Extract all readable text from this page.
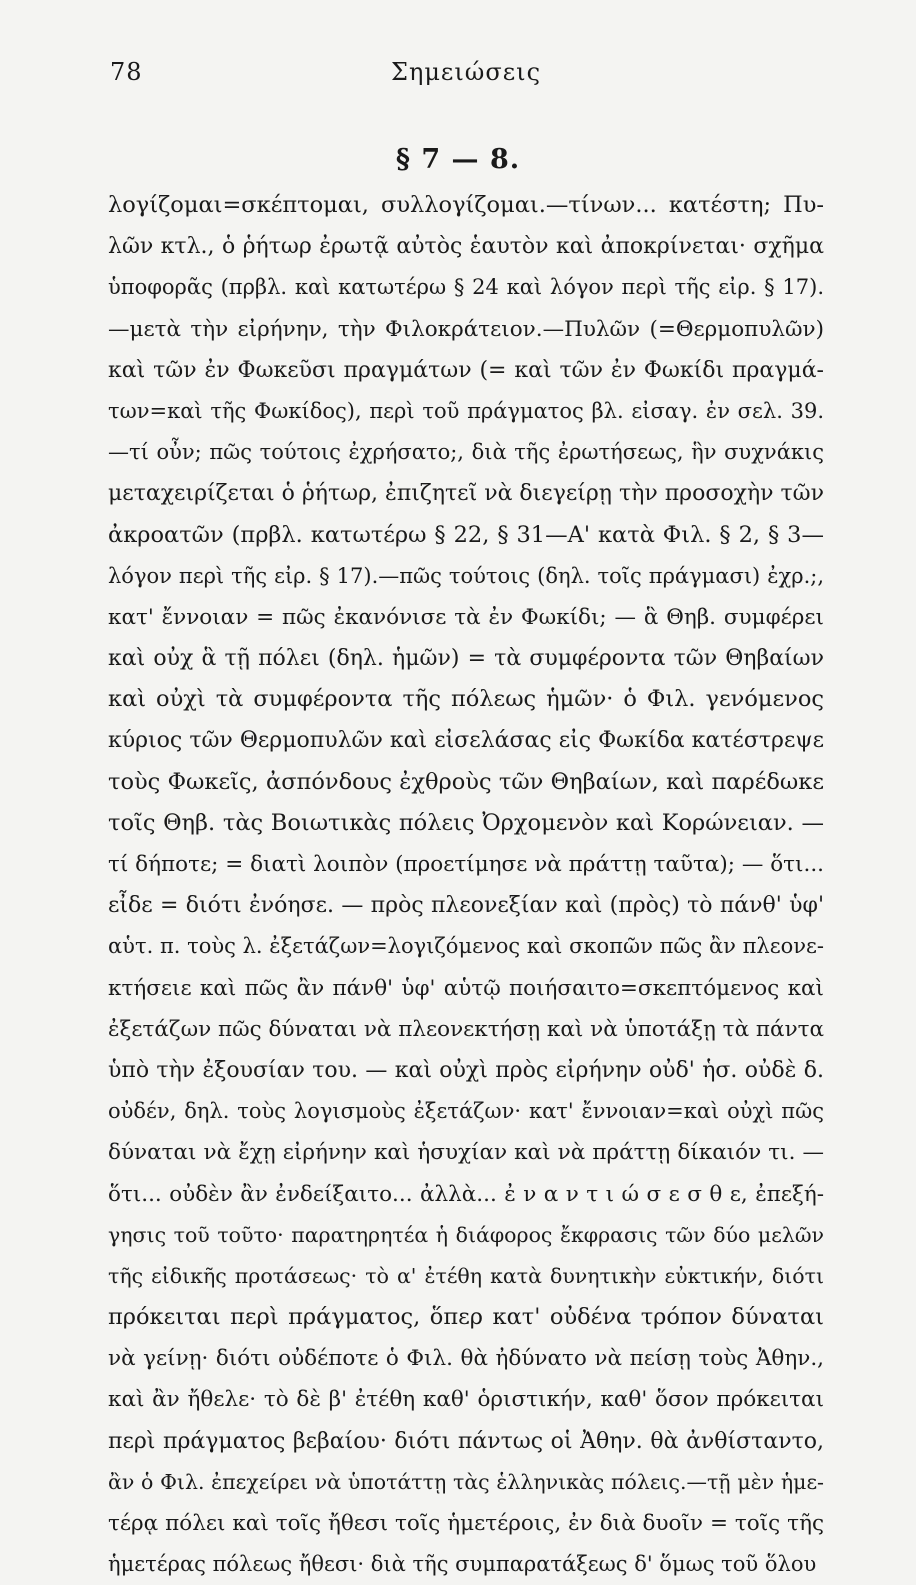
78	Σημειώσεις
§ 7 — 8.
λογίζομαι=σκέπτομαι, συλλογίζομαι.—τίνων... κατέστη; Πυ-
λῶν κτλ., ὁ ῥήτωρ ἐρωτᾷ αὐτὸς ἑαυτὸν καὶ ἀποκρίνεται· σχῆμα
ὑποφορᾶς (πρβλ. καὶ κατωτέρω § 24 καὶ λόγον περὶ τῆς εἰρ. § 17).
—μετὰ τὴν εἰρήνην, τὴν Φιλοκράτειον.—Πυλῶν (=Θερμοπυλῶν)
καὶ τῶν ἐν Φωκεῦσι πραγμάτων (= καὶ τῶν ἐν Φωκίδι πραγμά-
των=καὶ τῆς Φωκίδος), περὶ τοῦ πράγματος βλ. εἰσαγ. ἐν σελ. 39.
—τί οὖν; πῶς τούτοις ἐχρήσατο;, διὰ τῆς ἐρωτήσεως, ἣν συχνάκις
μεταχειρίζεται ὁ ῥήτωρ, ἐπιζητεῖ νὰ διεγείρῃ τὴν προσοχὴν τῶν
ἀκροατῶν (πρβλ. κατωτέρω § 22, § 31—Α' κατὰ Φιλ. § 2, § 3—
λόγον περὶ τῆς εἰρ. § 17).—πῶς τούτοις (δηλ. τοῖς πράγμασι) ἐχρ.;,
κατ' ἔννοιαν = πῶς ἐκανόνισε τὰ ἐν Φωκίδι; — ἃ Θηβ. συμφέρει
καὶ οὐχ ἃ τῇ πόλει (δηλ. ἡμῶν) = τὰ συμφέροντα τῶν Θηβαίων
καὶ οὐχὶ τὰ συμφέροντα τῆς πόλεως ἡμῶν· ὁ Φιλ. γενόμενος
κύριος τῶν Θερμοπυλῶν καὶ εἰσελάσας εἰς Φωκίδα κατέστρεψε
τοὺς Φωκεῖς, ἀσπόνδους ἐχθροὺς τῶν Θηβαίων, καὶ παρέδωκε
τοῖς Θηβ. τὰς Βοιωτικὰς πόλεις Ὀρχομενὸν καὶ Κορώνειαν. —
τί δήποτε; = διατὶ λοιπὸν (προετίμησε νὰ πράττῃ ταῦτα); — ὅτι...
εἶδε = διότι ἐνόησε. — πρὸς πλεονεξίαν καὶ (πρὸς) τὸ πάνθ' ὑφ'
αὑτ. π. τοὺς λ. ἐξετάζων=λογιζόμενος καὶ σκοπῶν πῶς ἂν πλεονε-
κτήσειε καὶ πῶς ἂν πάνθ' ὑφ' αὑτῷ ποιήσαιτο=σκεπτόμενος καὶ
ἐξετάζων πῶς δύναται νὰ πλεονεκτήσῃ καὶ νὰ ὑποτάξῃ τὰ πάντα
ὑπὸ τὴν ἐξουσίαν του. — καὶ οὐχὶ πρὸς εἰρήνην οὐδ' ἡσ. οὐδὲ δ.
οὐδέν, δηλ. τοὺς λογισμοὺς ἐξετάζων· κατ' ἔννοιαν=καὶ οὐχὶ πῶς
δύναται νὰ ἔχῃ εἰρήνην καὶ ἡσυχίαν καὶ νὰ πράττῃ δίκαιόν τι. —
ὅτι... οὐδὲν ἂν ἐνδείξαιτο... ἀλλὰ... ἐ ν α ν τ ι ώ σ ε σ θ ε, ἐπεξή-
γησις τοῦ τοῦτο· παρατηρητέα ἡ διάφορος ἔκφρασις τῶν δύο μελῶν
τῆς εἰδικῆς προτάσεως· τὸ α' ἐτέθη κατὰ δυνητικὴν εὐκτικήν, διότι
πρόκειται περὶ πράγματος, ὅπερ κατ' οὐδένα τρόπον δύναται
νὰ γείνῃ· διότι οὐδέποτε ὁ Φιλ. θὰ ἠδύνατο νὰ πείσῃ τοὺς Ἀθην.,
καὶ ἂν ἤθελε· τὸ δὲ β' ἐτέθη καθ' ὁριστικήν, καθ' ὅσον πρόκειται
περὶ πράγματος βεβαίου· διότι πάντως οἱ Ἀθην. θὰ ἀνθίσταντο,
ἂν ὁ Φιλ. ἐπεχείρει νὰ ὑποτάττῃ τὰς ἑλληνικὰς πόλεις.—τῇ μὲν ἡμε-
τέρᾳ πόλει καὶ τοῖς ἤθεσι τοῖς ἡμετέροις, ἐν διὰ δυοῖν = τοῖς τῆς
ἡμετέρας πόλεως ἤθεσι· διὰ τῆς συμπαρατάξεως δ' ὅμως τοῦ ὅλου
